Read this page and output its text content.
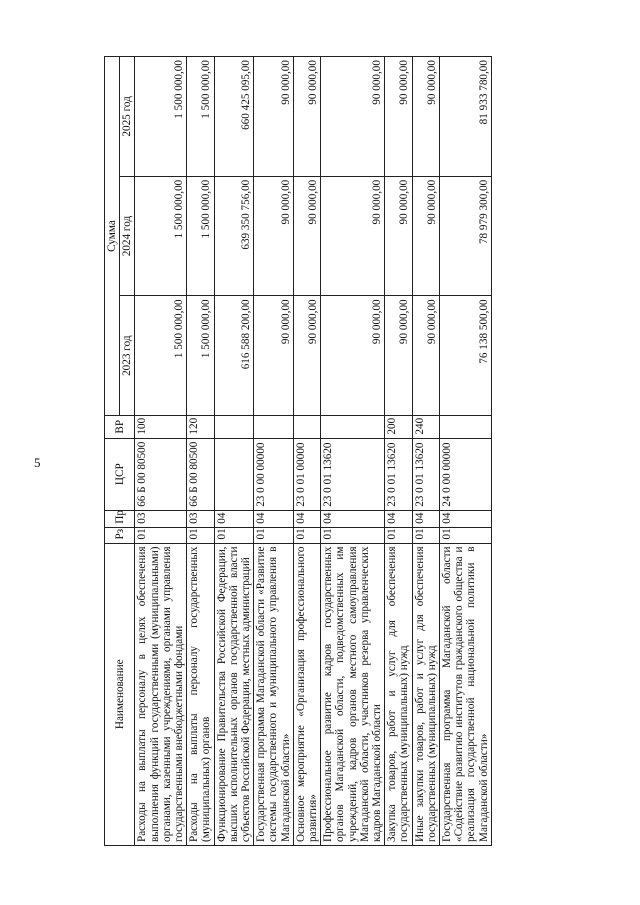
5
Наименование	Рз	Пр	ЦСР	ВР	Сумма		
					2023 год	2024 год	2025 год
Расходы на выплаты персоналу в целях обеспечения выполнения функций государственными (муниципальными) органами, казенными учреждениями, органами управления государственными внебюджетными фондами	01	03	66 Б 00 80500	100	1 500 000,00	1 500 000,00	1 500 000,00
Расходы на выплаты персоналу государственных (муниципальных) органов	01	03	66 Б 00 80500	120	1 500 000,00	1 500 000,00	1 500 000,00
Функционирование Правительства Российской Федерации, высших исполнительных органов государственной власти субъектов Российской Федерации, местных администраций	01	04			616 588 200,00	639 350 756,00	660 425 095,00
Государственная программа Магаданской области «Развитие системы государственного и муниципального управления в Магаданской области»	01	04	23 0 00 00000		90 000,00	90 000,00	90 000,00
Основное мероприятие «Организация профессионального развития»	01	04	23 0 01 00000		90 000,00	90 000,00	90 000,00
Профессиональное развитие кадров государственных органов Магаданской области, подведомственных им учреждений, кадров органов местного самоуправления Магаданской области, участников резерва управленческих кадров Магаданской области	01	04	23 0 01 13620		90 000,00	90 000,00	90 000,00
Закупка товаров, работ и услуг для обеспечения государственных (муниципальных) нужд	01	04	23 0 01 13620	200	90 000,00	90 000,00	90 000,00
Иные закупки товаров, работ и услуг для обеспечения государственных (муниципальных) нужд	01	04	23 0 01 13620	240	90 000,00	90 000,00	90 000,00
Государственная программа Магаданской области «Содействие развитию институтов гражданского общества и реализация государственной национальной политики в Магаданской области»	01	04	24 0 00 00000		76 138 500,00	78 979 300,00	81 933 780,00
